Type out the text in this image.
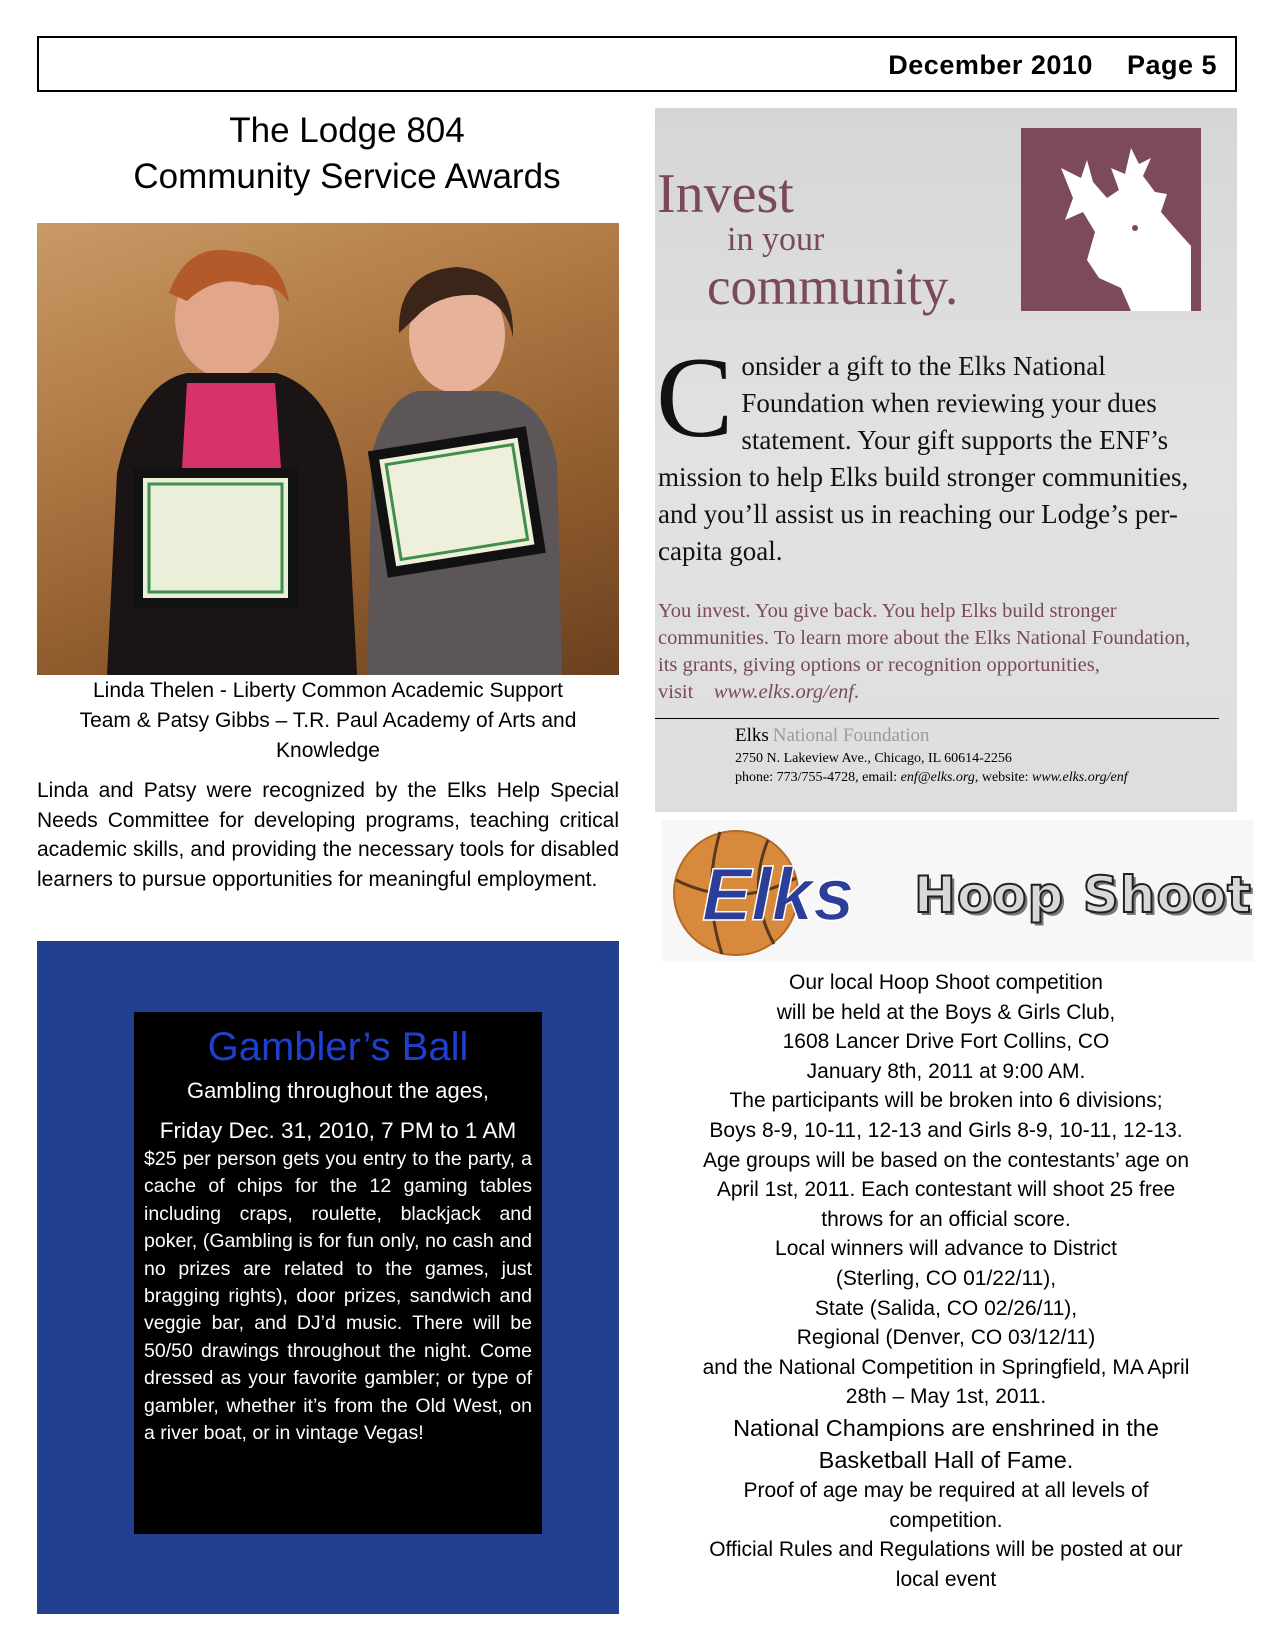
December 2010 Page 5
The Lodge 804
Community Service Awards
Linda Thelen - Liberty Common Academic Support
Team & Patsy Gibbs – T.R. Paul Academy of Arts and
Knowledge
Linda and Patsy were recognized by the Elks Help Special Needs Committee for developing programs, teaching critical academic skills, and providing the necessary tools for disabled learners to pursue opportunities for meaningful employment.
Gambler’s Ball
Gambling throughout the ages,
Friday Dec. 31, 2010, 7 PM to 1 AM
$25 per person gets you entry to the party, a cache of chips for the 12 gaming tables including craps, roulette, blackjack and poker, (Gambling is for fun only, no cash and no prizes are related to the games, just bragging rights), door prizes, sandwich and veggie bar, and DJ’d music. There will be 50/50 drawings throughout the night. Come dressed as your favorite gambler; or type of gambler, whether it’s from the Old West, on a river boat, or in vintage Vegas!
Invest
in your
community.
Consider a gift to the Elks National Foundation when reviewing your dues statement. Your gift supports the ENF’s mission to help Elks build stronger communities, and you’ll assist us in reaching our Lodge’s per-capita goal.
You invest. You give back. You help Elks build stronger communities. To learn more about the Elks National Foundation, its grants, giving options or recognition opportunities, visit www.elks.org/enf.
Elks National Foundation
2750 N. Lakeview Ave., Chicago, IL 60614-2256
phone: 773/755-4728, email: enf@elks.org, website: www.elks.org/enf
Elks Hoop Shoot
Our local Hoop Shoot competition
will be held at the Boys & Girls Club,
1608 Lancer Drive Fort Collins, CO
January 8th, 2011 at 9:00 AM.
The participants will be broken into 6 divisions;
Boys 8-9, 10-11, 12-13 and Girls 8-9, 10-11, 12-13.
Age groups will be based on the contestants’ age on
April 1st, 2011. Each contestant will shoot 25 free
throws for an official score.
Local winners will advance to District
(Sterling, CO 01/22/11),
State (Salida, CO 02/26/11),
Regional (Denver, CO 03/12/11)
and the National Competition in Springfield, MA April
28th – May 1st, 2011.
National Champions are enshrined in the
Basketball Hall of Fame.
Proof of age may be required at all levels of
competition.
Official Rules and Regulations will be posted at our
local event
